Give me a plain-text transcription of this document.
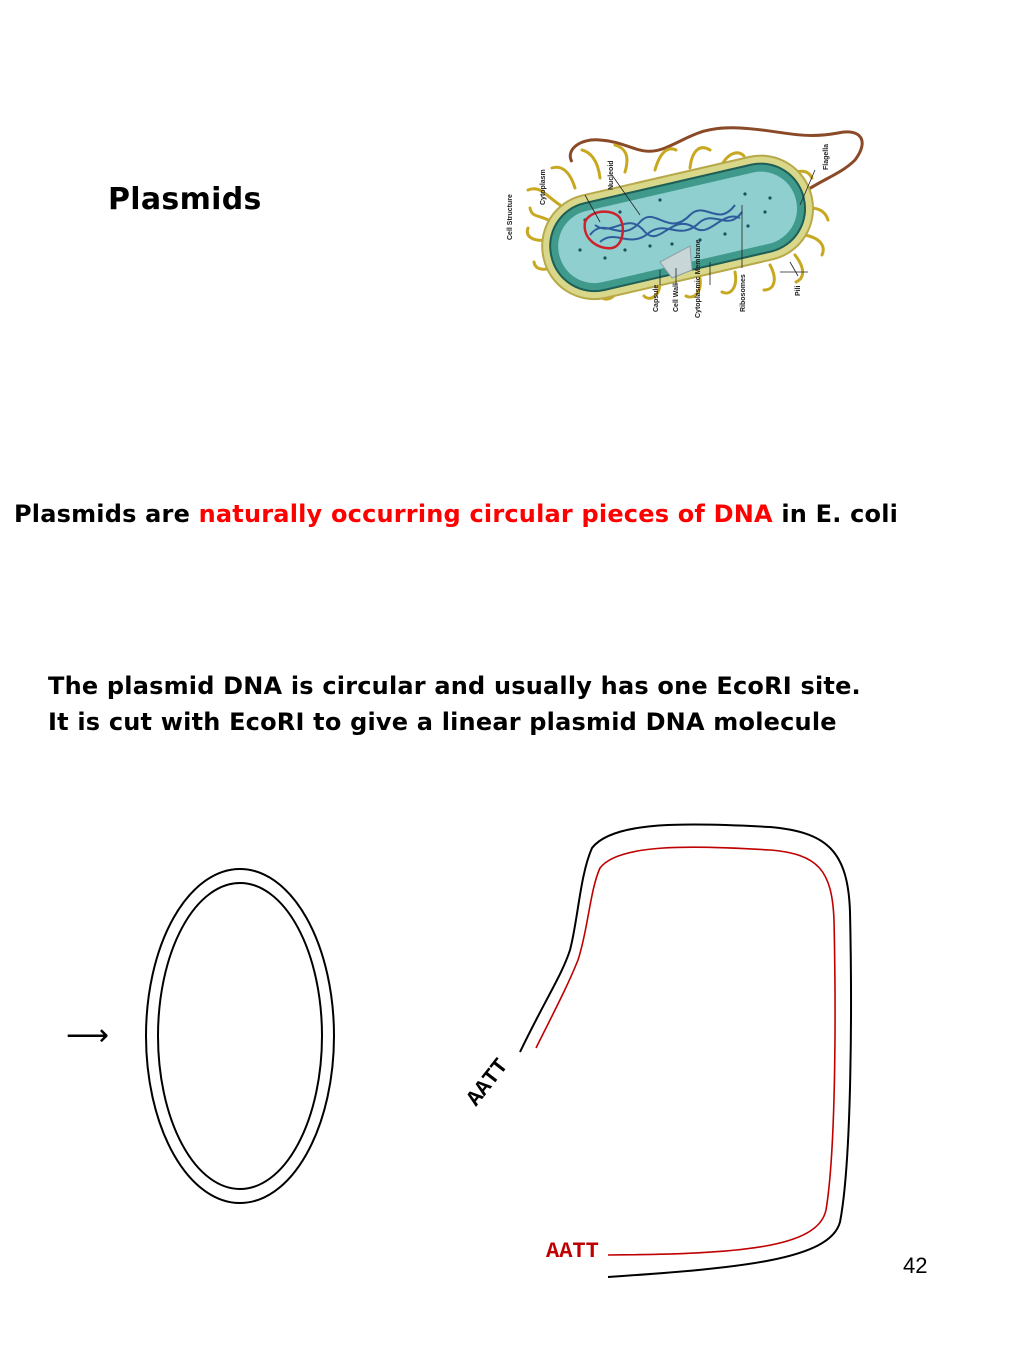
Plasmids
Plasmids are naturally occurring circular pieces of DNA in E. coli
The plasmid DNA is circular and usually has one EcoRI site.
It is cut with EcoRI to give a linear plasmid DNA molecule
42
Cell Structure
Cytoplasm	Nucleoid
Flagella
Capsule Cell Wall Cytoplasmic Membrane	Ribosomes	Pili
⟶
AATT
AATT
